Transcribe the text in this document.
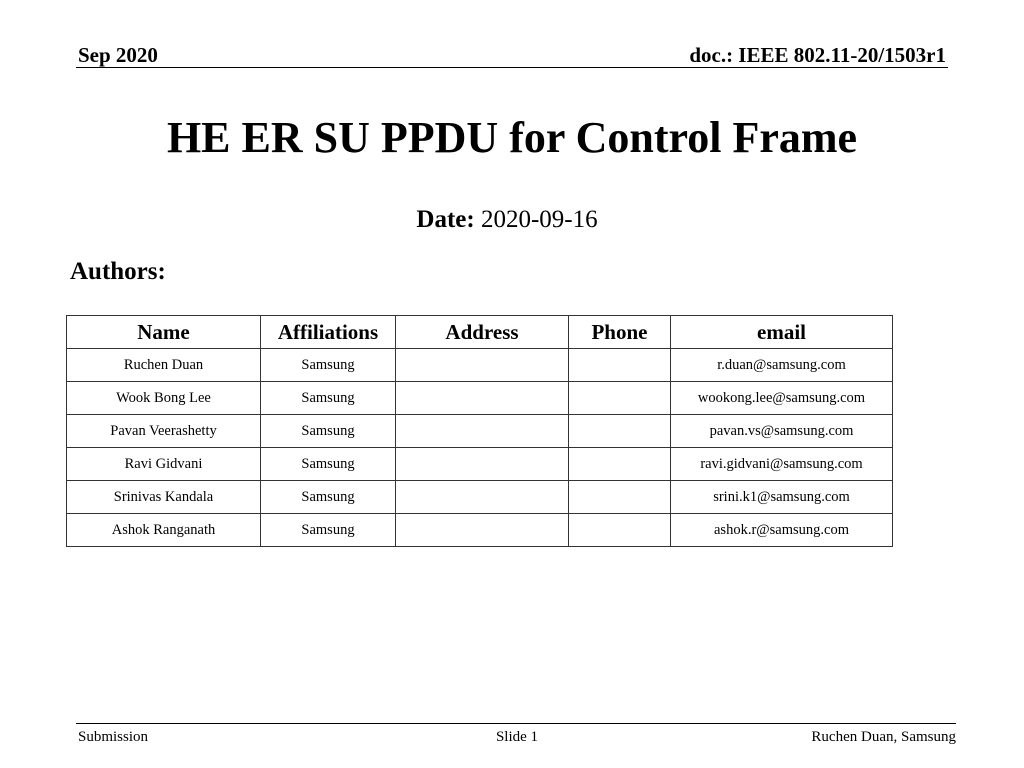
Sep 2020	doc.: IEEE 802.11-20/1503r1
HE ER SU PPDU for Control Frame
Date: 2020-09-16
Authors:
Name	Affiliations	Address	Phone	email
Ruchen Duan	Samsung			r.duan@samsung.com
Wook Bong Lee	Samsung			wookong.lee@samsung.com
Pavan Veerashetty	Samsung			pavan.vs@samsung.com
Ravi Gidvani	Samsung			ravi.gidvani@samsung.com
Srinivas Kandala	Samsung			srini.k1@samsung.com
Ashok Ranganath	Samsung			ashok.r@samsung.com
Submission	Slide 1	Ruchen Duan, Samsung
